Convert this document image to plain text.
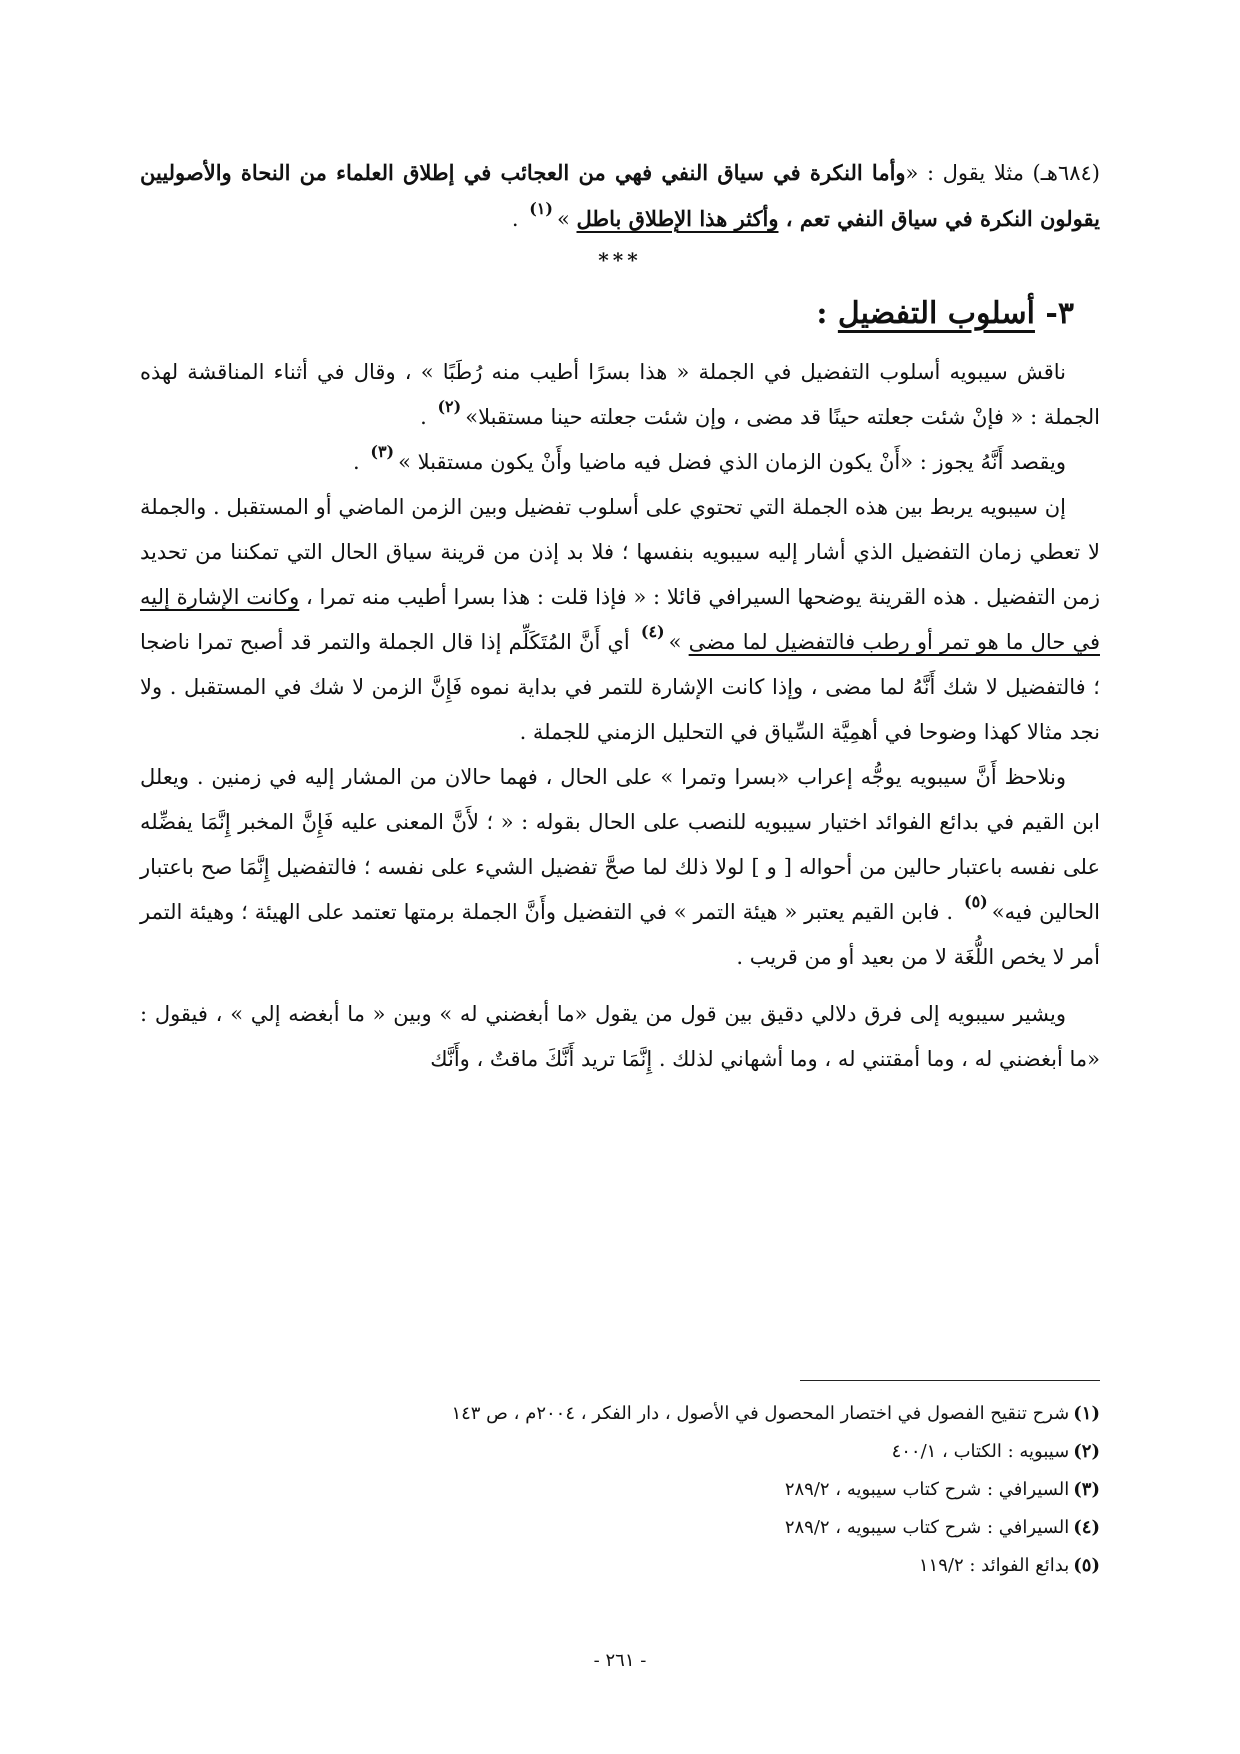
(٦٨٤هـ) مثلا يقول : «وأما النكرة في سياق النفي فهي من العجائب في إطلاق العلماء من النحاة والأصوليين يقولون النكرة في سياق النفي تعم ، وأكثر هذا الإطلاق باطل »$^{(١)}$ .

***
٣- أسلوب التفضيل :

ناقش سيبويه أسلوب التفضيل في الجملة « هذا بسرًا أطيب منه رُطَبًا » ، وقال في أثناء المناقشة لهذه الجملة : « فإنْ شئت جعلته حينًا قد مضى ، وإن شئت جعلته حينا مستقبلا»$^{(٢)}$ .

ويقصد أَنَّهُ يجوز : «أَنْ يكون الزمان الذي فضل فيه ماضيا وأَنْ يكون مستقبلا »$^{(٣)}$ .

إن سيبويه يربط بين هذه الجملة التي تحتوي على أسلوب تفضيل وبين الزمن الماضي أو المستقبل . والجملة لا تعطي زمان التفضيل الذي أشار إليه سيبويه بنفسها ؛ فلا بد إذن من قرينة سياق الحال التي تمكننا من تحديد زمن التفضيل . هذه القرينة يوضحها السيرافي قائلا : « فإذا قلت : هذا بسرا أطيب منه تمرا ، وكانت الإشارة إليه في حال ما هو تمر أو رطب فالتفضيل لما مضى »$^{(٤)}$ أي أَنَّ المُتَكَلِّم إذا قال الجملة والتمر قد أصبح تمرا ناضجا ؛ فالتفضيل لا شك أَنَّهُ لما مضى ، وإذا كانت الإشارة للتمر في بداية نموه فَإِنَّ الزمن لا شك في المستقبل . ولا نجد مثالا كهذا وضوحا في أهمِيَّة السِّياق في التحليل الزمني للجملة .

ونلاحظ أَنَّ سيبويه يوجُّه إعراب «بسرا وتمرا » على الحال ، فهما حالان من المشار إليه في زمنين . ويعلل ابن القيم في بدائع الفوائد اختيار سيبويه للنصب على الحال بقوله : « ؛ لأَنَّ المعنى عليه فَإِنَّ المخبر إِنَّمَا يفضِّله على نفسه باعتبار حالين من أحواله [ و ] لولا ذلك لما صحَّ تفضيل الشيء على نفسه ؛ فالتفضيل إِنَّمَا صح باعتبار الحالين فيه»$^{(٥)}$ . فابن القيم يعتبر « هيئة التمر » في التفضيل وأَنَّ الجملة برمتها تعتمد على الهيئة ؛ وهيئة التمر أمر لا يخص اللُّغَة لا من بعيد أو من قريب .

ويشير سيبويه إلى فرق دلالي دقيق بين قول من يقول «ما أبغضني له » وبين « ما أبغضه إلي » ، فيقول : «ما أبغضني له ، وما أمقتني له ، وما أشهاني لذلك . إِنَّمَا تريد أَنَّكَ ماقتٌ ، وأَنَّك

(١)شرح تنقيح الفصول في اختصار المحصول في الأصول ، دار الفكر ، ٢٠٠٤م ، ص ١٤٣

(٢)سيبويه : الكتاب ، ٤٠٠/١

(٣)السيرافي : شرح كتاب سيبويه ، ٢٨٩/٢

(٤)السيرافي : شرح كتاب سيبويه ، ٢٨٩/٢

(٥)بدائع الفوائد : ١١٩/٢

- ٢٦١ -
